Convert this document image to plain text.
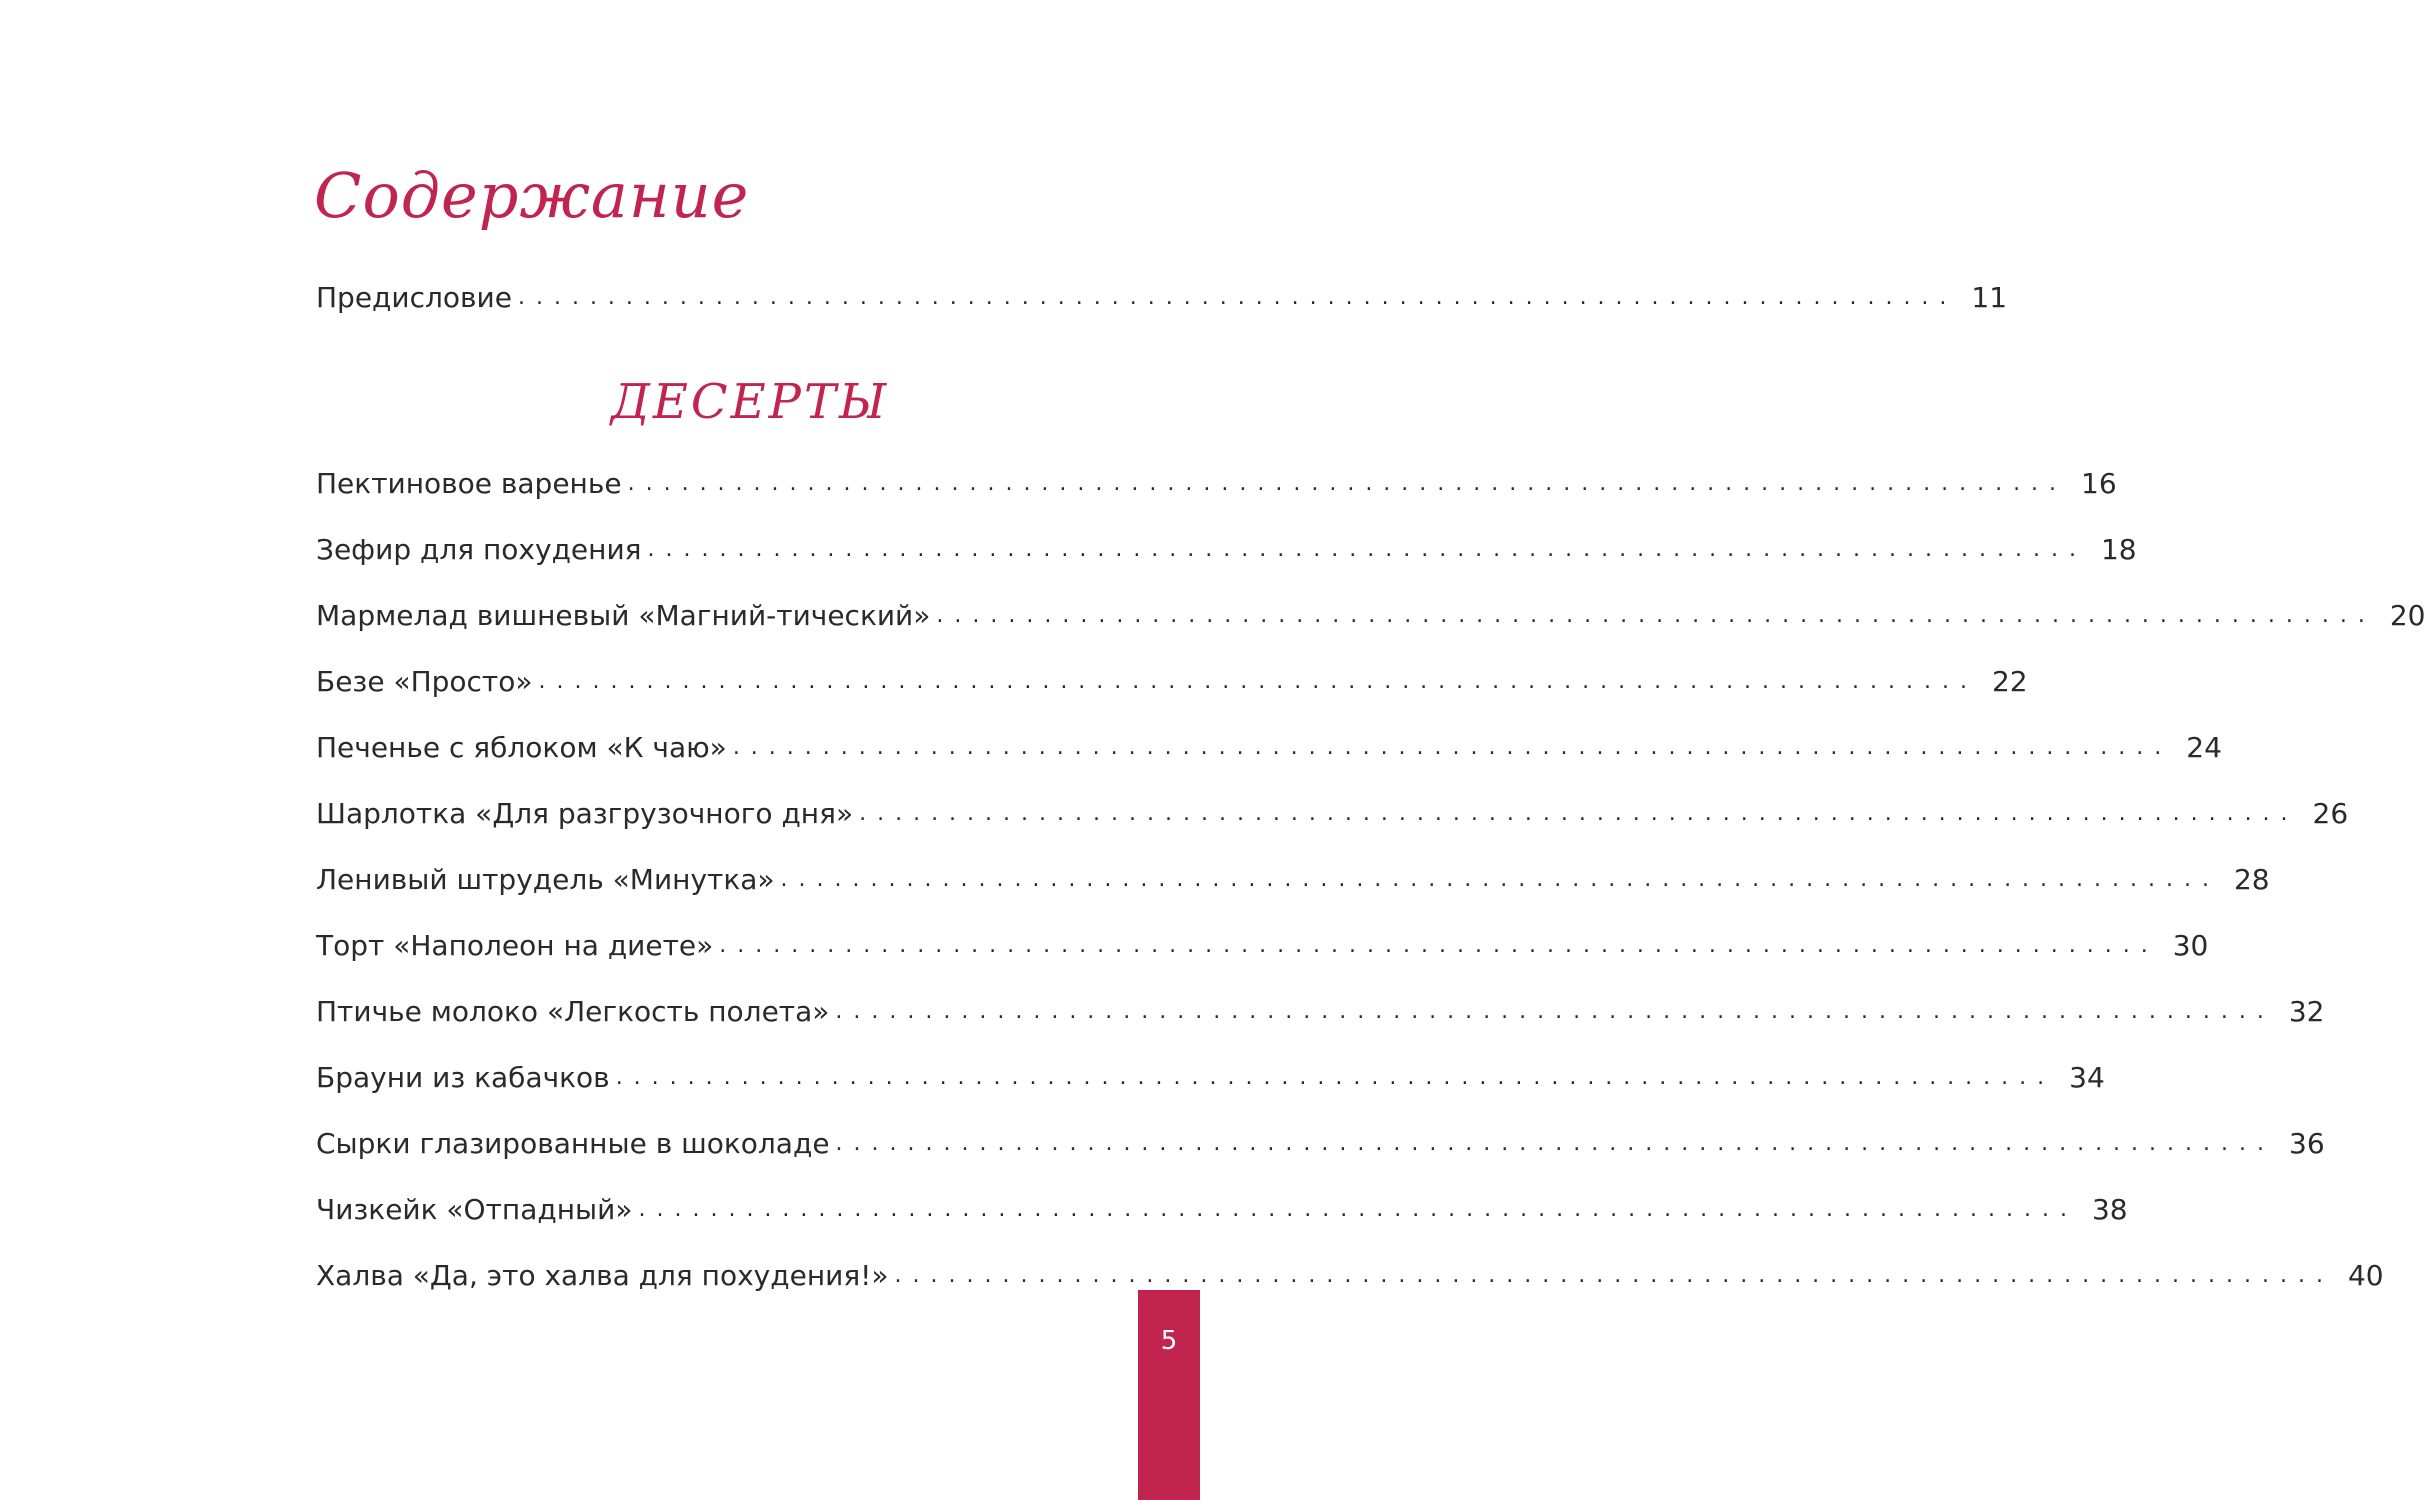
Содержание
Предисловие ................................................................................ 11
ДЕСЕРТЫ
Пектиновое варенье ................................................................................ 16
Зефир для похудения ................................................................................ 18
Мармелад вишневый «Магний-тический» ................................................................................ 20
Безе «Просто» ................................................................................ 22
Печенье с яблоком «К чаю» ................................................................................ 24
Шарлотка «Для разгрузочного дня» ................................................................................ 26
Ленивый штрудель «Минутка» ................................................................................ 28
Торт «Наполеон на диете» ................................................................................ 30
Птичье молоко «Легкость полета» ................................................................................ 32
Брауни из кабачков ................................................................................ 34
Сырки глазированные в шоколаде ................................................................................ 36
Чизкейк «Отпадный» ................................................................................ 38
Халва «Да, это халва для похудения!» ................................................................................ 40
5
